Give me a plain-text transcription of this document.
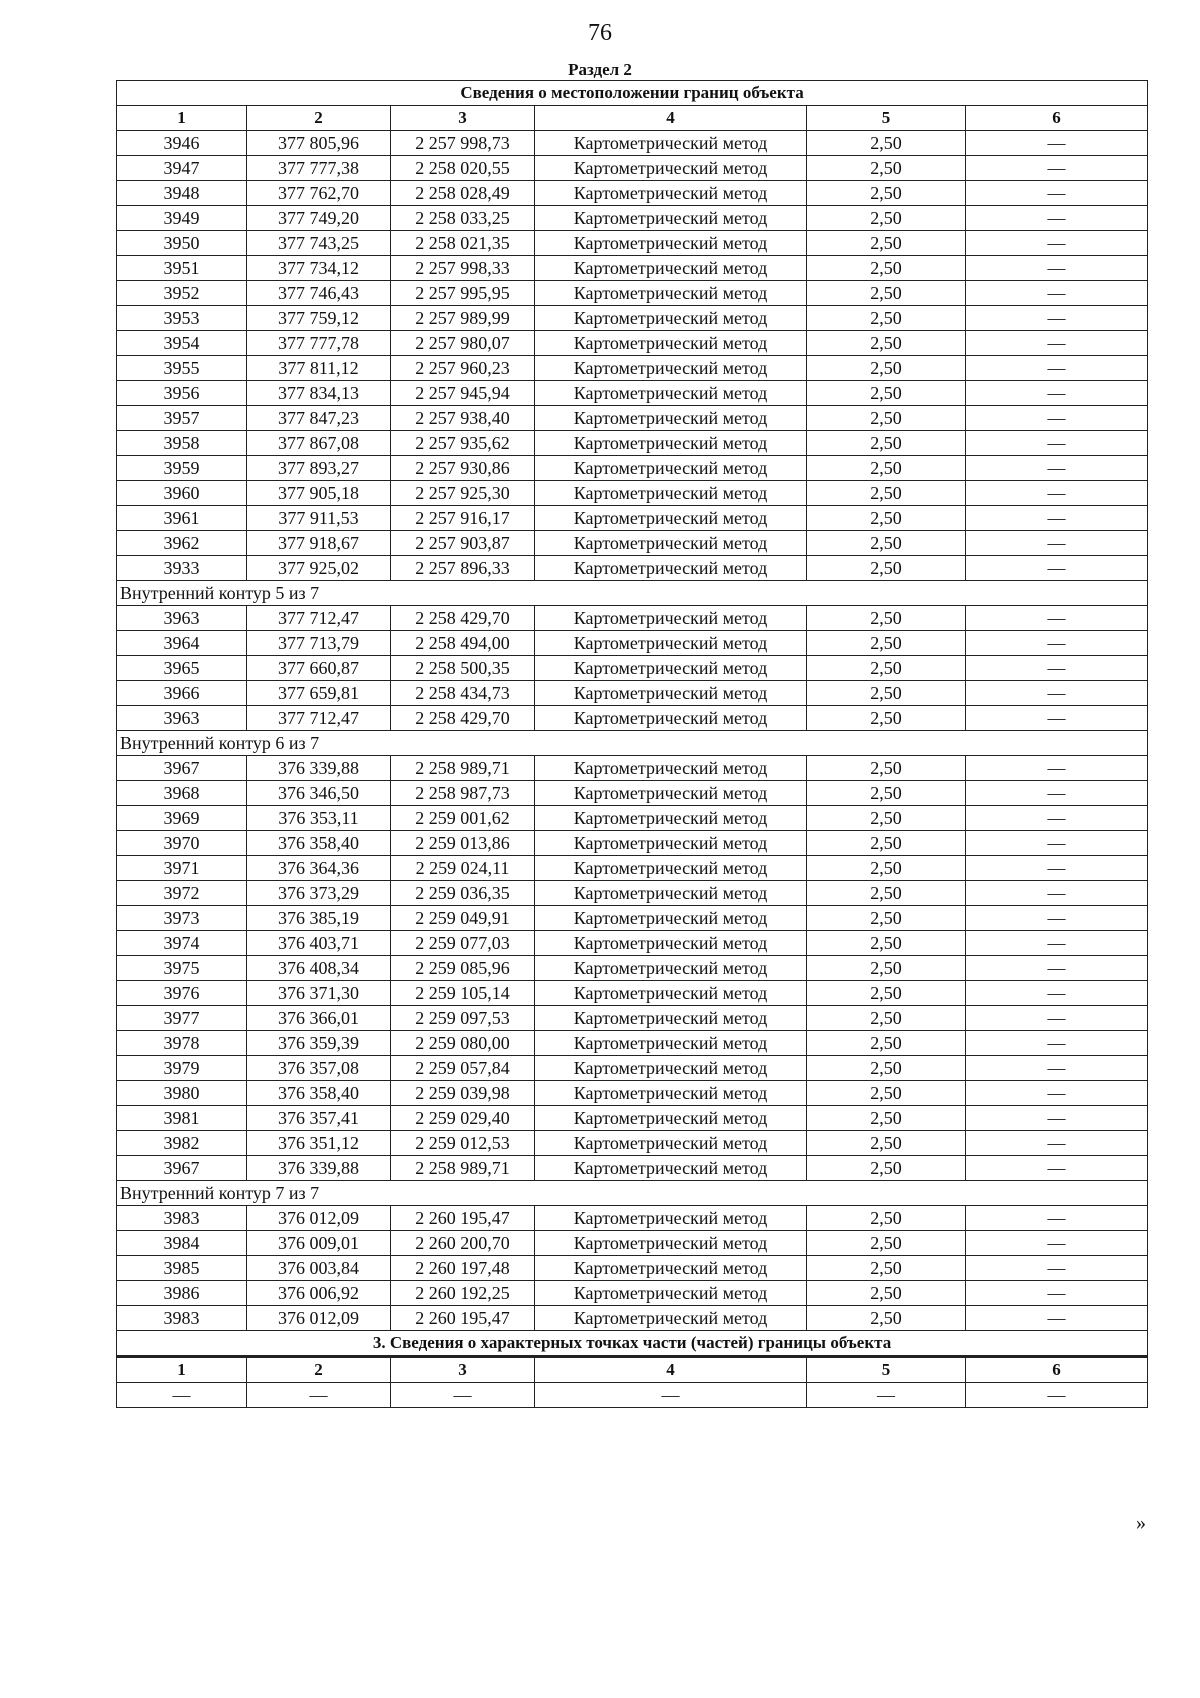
76
Раздел 2
Сведения о местоположении границ объекта					
1	2	3	4	5	6
3946	377 805,96	2 257 998,73	Картометрический метод	2,50	—
3947	377 777,38	2 258 020,55	Картометрический метод	2,50	—
3948	377 762,70	2 258 028,49	Картометрический метод	2,50	—
3949	377 749,20	2 258 033,25	Картометрический метод	2,50	—
3950	377 743,25	2 258 021,35	Картометрический метод	2,50	—
3951	377 734,12	2 257 998,33	Картометрический метод	2,50	—
3952	377 746,43	2 257 995,95	Картометрический метод	2,50	—
3953	377 759,12	2 257 989,99	Картометрический метод	2,50	—
3954	377 777,78	2 257 980,07	Картометрический метод	2,50	—
3955	377 811,12	2 257 960,23	Картометрический метод	2,50	—
3956	377 834,13	2 257 945,94	Картометрический метод	2,50	—
3957	377 847,23	2 257 938,40	Картометрический метод	2,50	—
3958	377 867,08	2 257 935,62	Картометрический метод	2,50	—
3959	377 893,27	2 257 930,86	Картометрический метод	2,50	—
3960	377 905,18	2 257 925,30	Картометрический метод	2,50	—
3961	377 911,53	2 257 916,17	Картометрический метод	2,50	—
3962	377 918,67	2 257 903,87	Картометрический метод	2,50	—
3933	377 925,02	2 257 896,33	Картометрический метод	2,50	—
Внутренний контур 5 из 7					
3963	377 712,47	2 258 429,70	Картометрический метод	2,50	—
3964	377 713,79	2 258 494,00	Картометрический метод	2,50	—
3965	377 660,87	2 258 500,35	Картометрический метод	2,50	—
3966	377 659,81	2 258 434,73	Картометрический метод	2,50	—
3963	377 712,47	2 258 429,70	Картометрический метод	2,50	—
Внутренний контур 6 из 7					
3967	376 339,88	2 258 989,71	Картометрический метод	2,50	—
3968	376 346,50	2 258 987,73	Картометрический метод	2,50	—
3969	376 353,11	2 259 001,62	Картометрический метод	2,50	—
3970	376 358,40	2 259 013,86	Картометрический метод	2,50	—
3971	376 364,36	2 259 024,11	Картометрический метод	2,50	—
3972	376 373,29	2 259 036,35	Картометрический метод	2,50	—
3973	376 385,19	2 259 049,91	Картометрический метод	2,50	—
3974	376 403,71	2 259 077,03	Картометрический метод	2,50	—
3975	376 408,34	2 259 085,96	Картометрический метод	2,50	—
3976	376 371,30	2 259 105,14	Картометрический метод	2,50	—
3977	376 366,01	2 259 097,53	Картометрический метод	2,50	—
3978	376 359,39	2 259 080,00	Картометрический метод	2,50	—
3979	376 357,08	2 259 057,84	Картометрический метод	2,50	—
3980	376 358,40	2 259 039,98	Картометрический метод	2,50	—
3981	376 357,41	2 259 029,40	Картометрический метод	2,50	—
3982	376 351,12	2 259 012,53	Картометрический метод	2,50	—
3967	376 339,88	2 258 989,71	Картометрический метод	2,50	—
Внутренний контур 7 из 7					
3983	376 012,09	2 260 195,47	Картометрический метод	2,50	—
3984	376 009,01	2 260 200,70	Картометрический метод	2,50	—
3985	376 003,84	2 260 197,48	Картометрический метод	2,50	—
3986	376 006,92	2 260 192,25	Картометрический метод	2,50	—
3983	376 012,09	2 260 195,47	Картометрический метод	2,50	—
3. Сведения о характерных точках части (частей) границы объекта					
1	2	3	4	5	6
—	—	—	—	—	—
»
